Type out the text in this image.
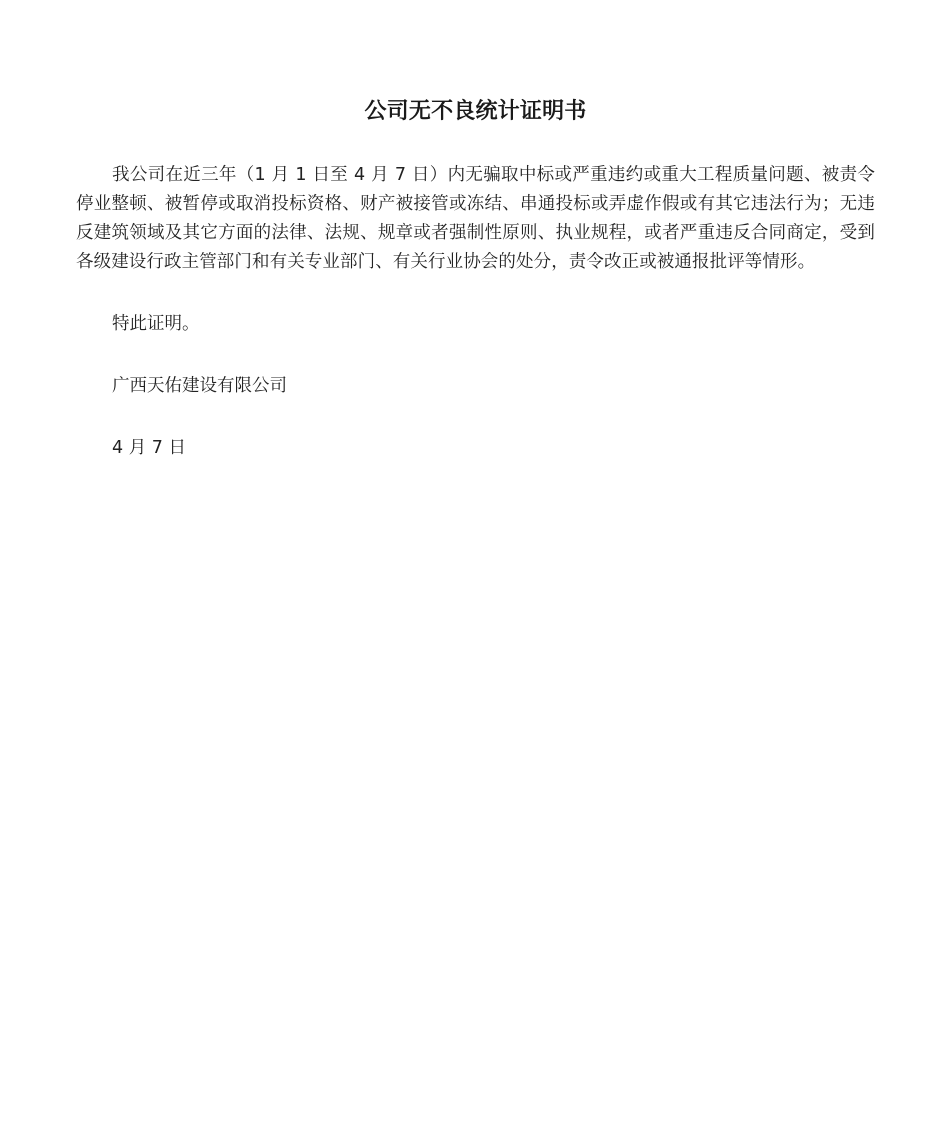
公司无不良统计证明书

我公司在近三年（1 月 1 日至 4 月 7 日）内无骗取中标或严重违约或重大工程质量问题、被责令停业整顿、被暂停或取消投标资格、财产被接管或冻结、串通投标或弄虚作假或有其它违法行为；无违反建筑领域及其它方面的法律、法规、规章或者强制性原则、执业规程，或者严重违反合同商定，受到各级建设行政主管部门和有关专业部门、有关行业协会的处分，责令改正或被通报批评等情形。

特此证明。

广西天佑建设有限公司

4 月 7 日
